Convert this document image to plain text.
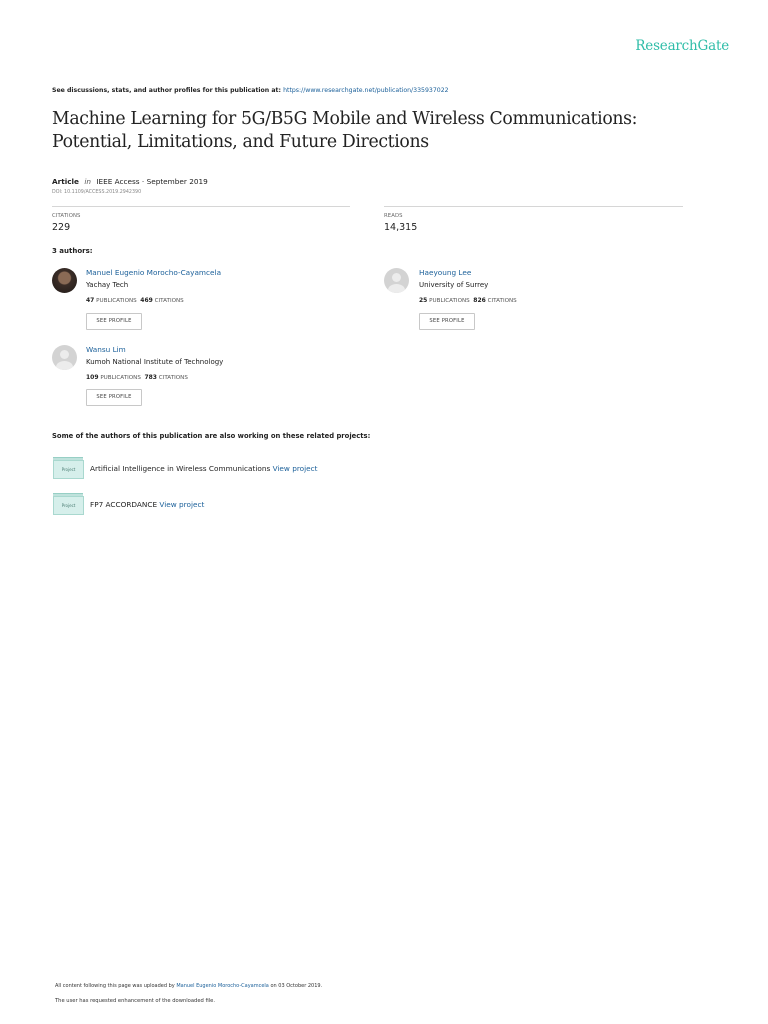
ResearchGate
See discussions, stats, and author profiles for this publication at: https://www.researchgate.net/publication/335937022
Machine Learning for 5G/B5G Mobile and Wireless Communications:
Potential, Limitations, and Future Directions
Article in IEEE Access · September 2019
DOI: 10.1109/ACCESS.2019.2942390
CITATIONS
229
READS
14,315
3 authors:
Manuel Eugenio Morocho-Cayamcela
Yachay Tech
47 PUBLICATIONS 469 CITATIONS
SEE PROFILE
Haeyoung Lee
University of Surrey
25 PUBLICATIONS 826 CITATIONS
SEE PROFILE
Wansu Lim
Kumoh National Institute of Technology
109 PUBLICATIONS 783 CITATIONS
SEE PROFILE
Some of the authors of this publication are also working on these related projects:
Project	Artificial Intelligence in Wireless Communications View project
Project	FP7 ACCORDANCE View project
All content following this page was uploaded by Manuel Eugenio Morocho-Cayamcela on 03 October 2019.
The user has requested enhancement of the downloaded file.
